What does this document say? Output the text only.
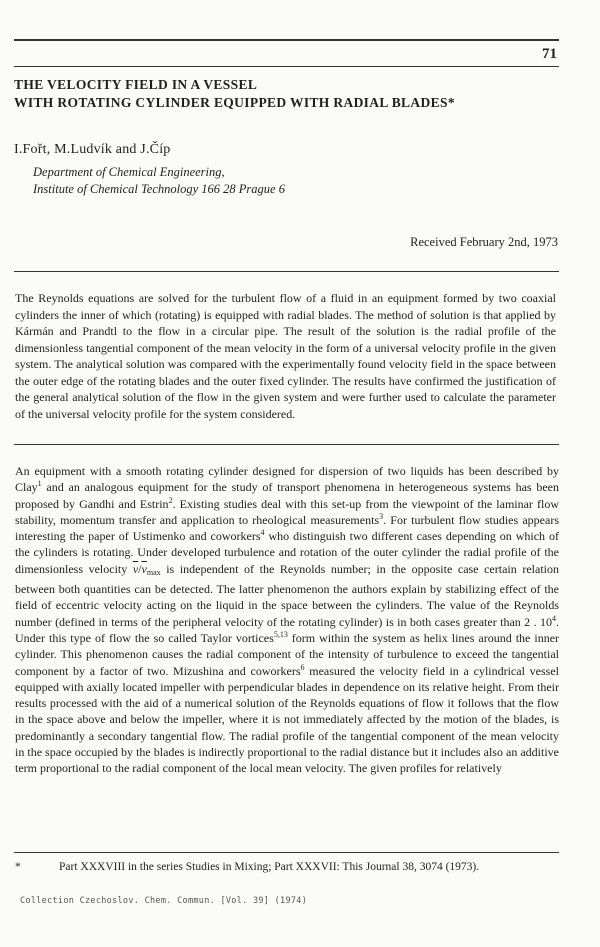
71
THE VELOCITY FIELD IN A VESSEL
WITH ROTATING CYLINDER EQUIPPED WITH RADIAL BLADES*
I.Fořt, M.Ludvík and J.Číp
Department of Chemical Engineering,
Institute of Chemical Technology 166 28 Prague 6
Received February 2nd, 1973
The Reynolds equations are solved for the turbulent flow of a fluid in an equipment formed by two coaxial cylinders the inner of which (rotating) is equipped with radial blades. The method of solution is that applied by Kármán and Prandtl to the flow in a circular pipe. The result of the solution is the radial profile of the dimensionless tangential component of the mean velocity in the form of a universal velocity profile in the given system. The analytical solution was compared with the experimentally found velocity field in the space between the outer edge of the rotating blades and the outer fixed cylinder. The results have confirmed the justification of the general analytical solution of the flow in the given system and were further used to calculate the parameter of the universal velocity profile for the system considered.
An equipment with a smooth rotating cylinder designed for dispersion of two liquids has been described by Clay$^1$ and an analogous equipment for the study of transport phenomena in heterogeneous systems has been proposed by Gandhi and Estrin$^2$. Existing studies deal with this set-up from the viewpoint of the laminar flow stability, momentum transfer and application to rheological measurements$^3$. For turbulent flow studies appears interesting the paper of Ustimenko and coworkers$^4$ who distinguish two different cases depending on which of the cylinders is rotating. Under developed turbulence and rotation of the outer cylinder the radial profile of the dimensionless velocity $\overline{v}/\overline{v}_{max}$ is independent of the Reynolds number; in the opposite case certain relation between both quantities can be detected. The latter phenomenon the authors explain by stabilizing effect of the field of eccentric velocity acting on the liquid in the space between the cylinders. The value of the Reynolds number (defined in terms of the peripheral velocity of the rotating cylinder) is in both cases greater than 2 . $10^4$. Under this type of flow the so called Taylor vortices$^{5,13}$ form within the system as helix lines around the inner cylinder. This phenomenon causes the radial component of the intensity of turbulence to exceed the tangential component by a factor of two. Mizushina and coworkers$^6$ measured the velocity field in a cylindrical vessel equipped with axially located impeller with perpendicular blades in dependence on its relative height. From their results processed with the aid of a numerical solution of the Reynolds equations of flow it follows that the flow in the space above and below the impeller, where it is not immediately affected by the motion of the blades, is predominantly a secondary tangential flow. The radial profile of the tangential component of the mean velocity in the space occupied by the blades is indirectly proportional to the radial distance but it includes also an additive term proportional to the radial component of the local mean velocity. The given profiles for relatively
*	Part XXXVIII in the series Studies in Mixing; Part XXXVII: This Journal 38, 3074 (1973).
Collection Czechoslov. Chem. Commun. [Vol. 39] (1974)
